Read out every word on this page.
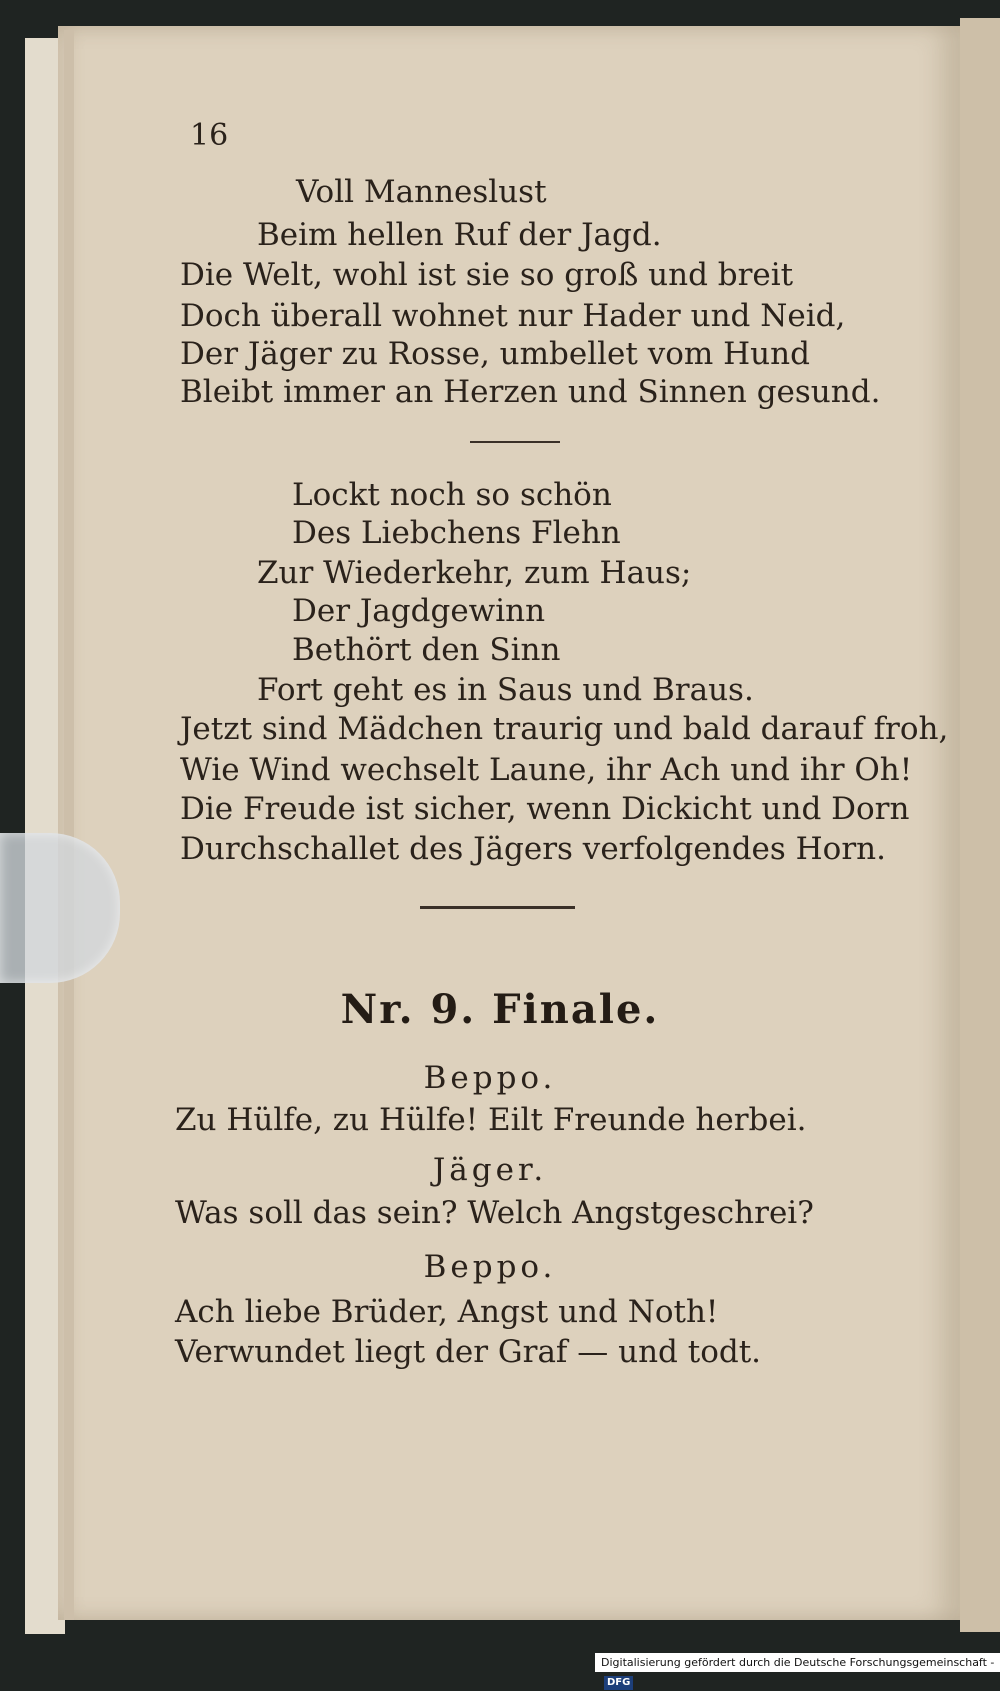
16
Voll Manneslust
Beim hellen Ruf der Jagd.
Die Welt, wohl ist sie so groß und breit
Doch überall wohnet nur Hader und Neid,
Der Jäger zu Rosse, umbellet vom Hund
Bleibt immer an Herzen und Sinnen gesund.
Lockt noch so schön
Des Liebchens Flehn
Zur Wiederkehr, zum Haus;
Der Jagdgewinn
Bethört den Sinn
Fort geht es in Saus und Braus.
Jetzt sind Mädchen traurig und bald darauf froh,
Wie Wind wechselt Laune, ihr Ach und ihr Oh!
Die Freude ist sicher, wenn Dickicht und Dorn
Durchschallet des Jägers verfolgendes Horn.
Nr. 9. Finale.
Beppo.
Zu Hülfe, zu Hülfe! Eilt Freunde herbei.
Jäger.
Was soll das sein? Welch Angstgeschrei?
Beppo.
Ach liebe Brüder, Angst und Noth!
Verwundet liegt der Graf — und todt.
Digitalisierung gefördert durch die Deutsche Forschungsgemeinschaft -DFG
